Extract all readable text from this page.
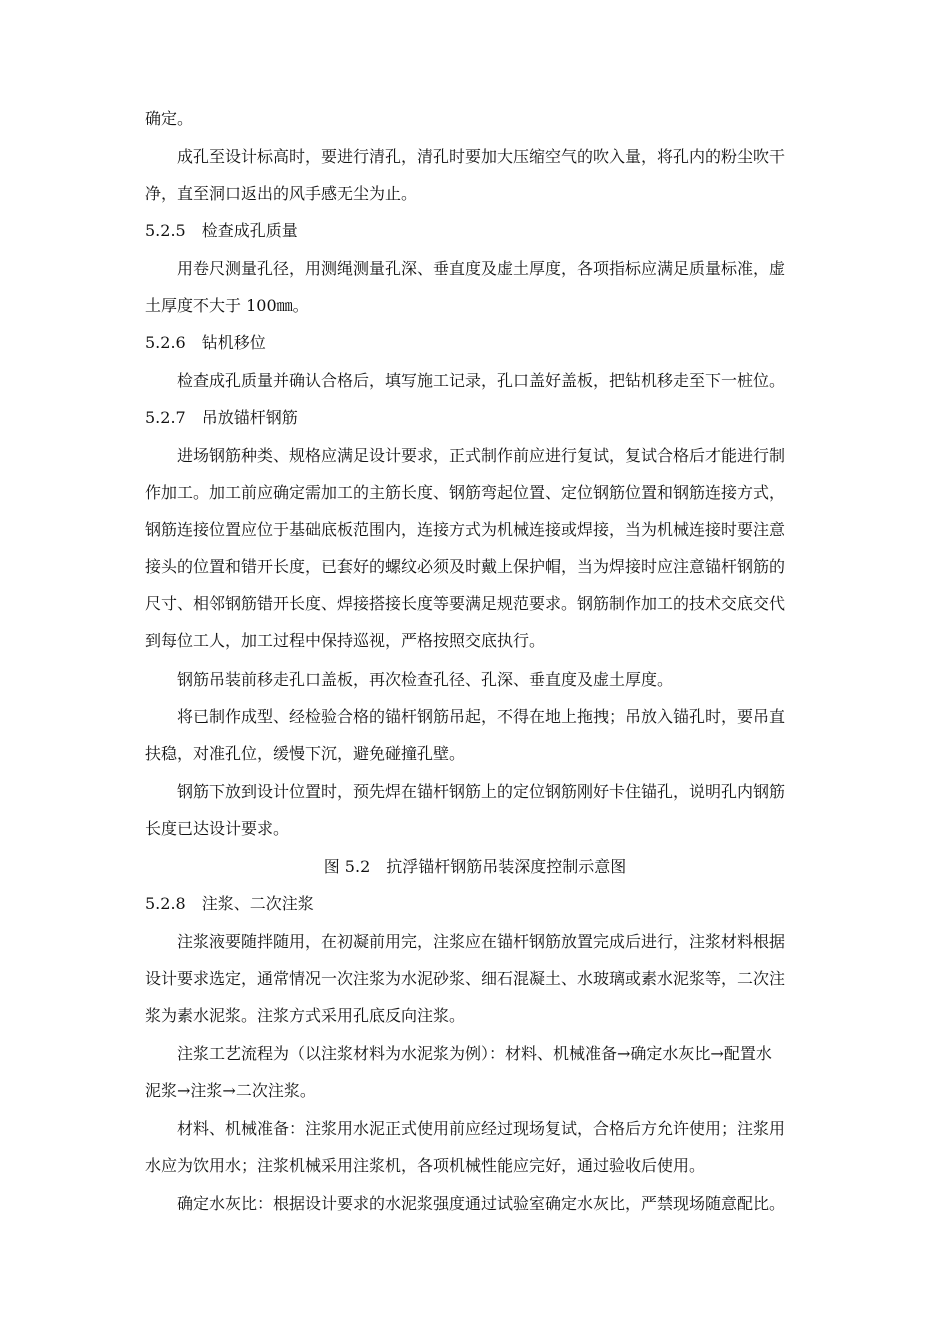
确定。
成孔至设计标高时，要进行清孔，清孔时要加大压缩空气的吹入量，将孔内的粉尘吹干
净，直至洞口返出的风手感无尘为止。
5.2.5　检查成孔质量
用卷尺测量孔径，用测绳测量孔深、垂直度及虚土厚度，各项指标应满足质量标准，虚
土厚度不大于 100㎜。
5.2.6　钻机移位
检查成孔质量并确认合格后，填写施工记录，孔口盖好盖板，把钻机移走至下一桩位。
5.2.7　吊放锚杆钢筋
进场钢筋种类、规格应满足设计要求，正式制作前应进行复试，复试合格后才能进行制
作加工。加工前应确定需加工的主筋长度、钢筋弯起位置、定位钢筋位置和钢筋连接方式，
钢筋连接位置应位于基础底板范围内，连接方式为机械连接或焊接，当为机械连接时要注意
接头的位置和错开长度，已套好的螺纹必须及时戴上保护帽，当为焊接时应注意锚杆钢筋的
尺寸、相邻钢筋错开长度、焊接搭接长度等要满足规范要求。钢筋制作加工的技术交底交代
到每位工人，加工过程中保持巡视，严格按照交底执行。
钢筋吊装前移走孔口盖板，再次检查孔径、孔深、垂直度及虚土厚度。
将已制作成型、经检验合格的锚杆钢筋吊起，不得在地上拖拽；吊放入锚孔时，要吊直
扶稳，对准孔位，缓慢下沉，避免碰撞孔壁。
钢筋下放到设计位置时，预先焊在锚杆钢筋上的定位钢筋刚好卡住锚孔，说明孔内钢筋
长度已达设计要求。
图 5.2　抗浮锚杆钢筋吊装深度控制示意图
5.2.8　注浆、二次注浆
注浆液要随拌随用，在初凝前用完，注浆应在锚杆钢筋放置完成后进行，注浆材料根据
设计要求选定，通常情况一次注浆为水泥砂浆、细石混凝土、水玻璃或素水泥浆等，二次注
浆为素水泥浆。注浆方式采用孔底反向注浆。
注浆工艺流程为（以注浆材料为水泥浆为例）：材料、机械准备→确定水灰比→配置水
泥浆→注浆→二次注浆。
材料、机械准备：注浆用水泥正式使用前应经过现场复试，合格后方允许使用；注浆用
水应为饮用水；注浆机械采用注浆机，各项机械性能应完好，通过验收后使用。
确定水灰比：根据设计要求的水泥浆强度通过试验室确定水灰比，严禁现场随意配比。
